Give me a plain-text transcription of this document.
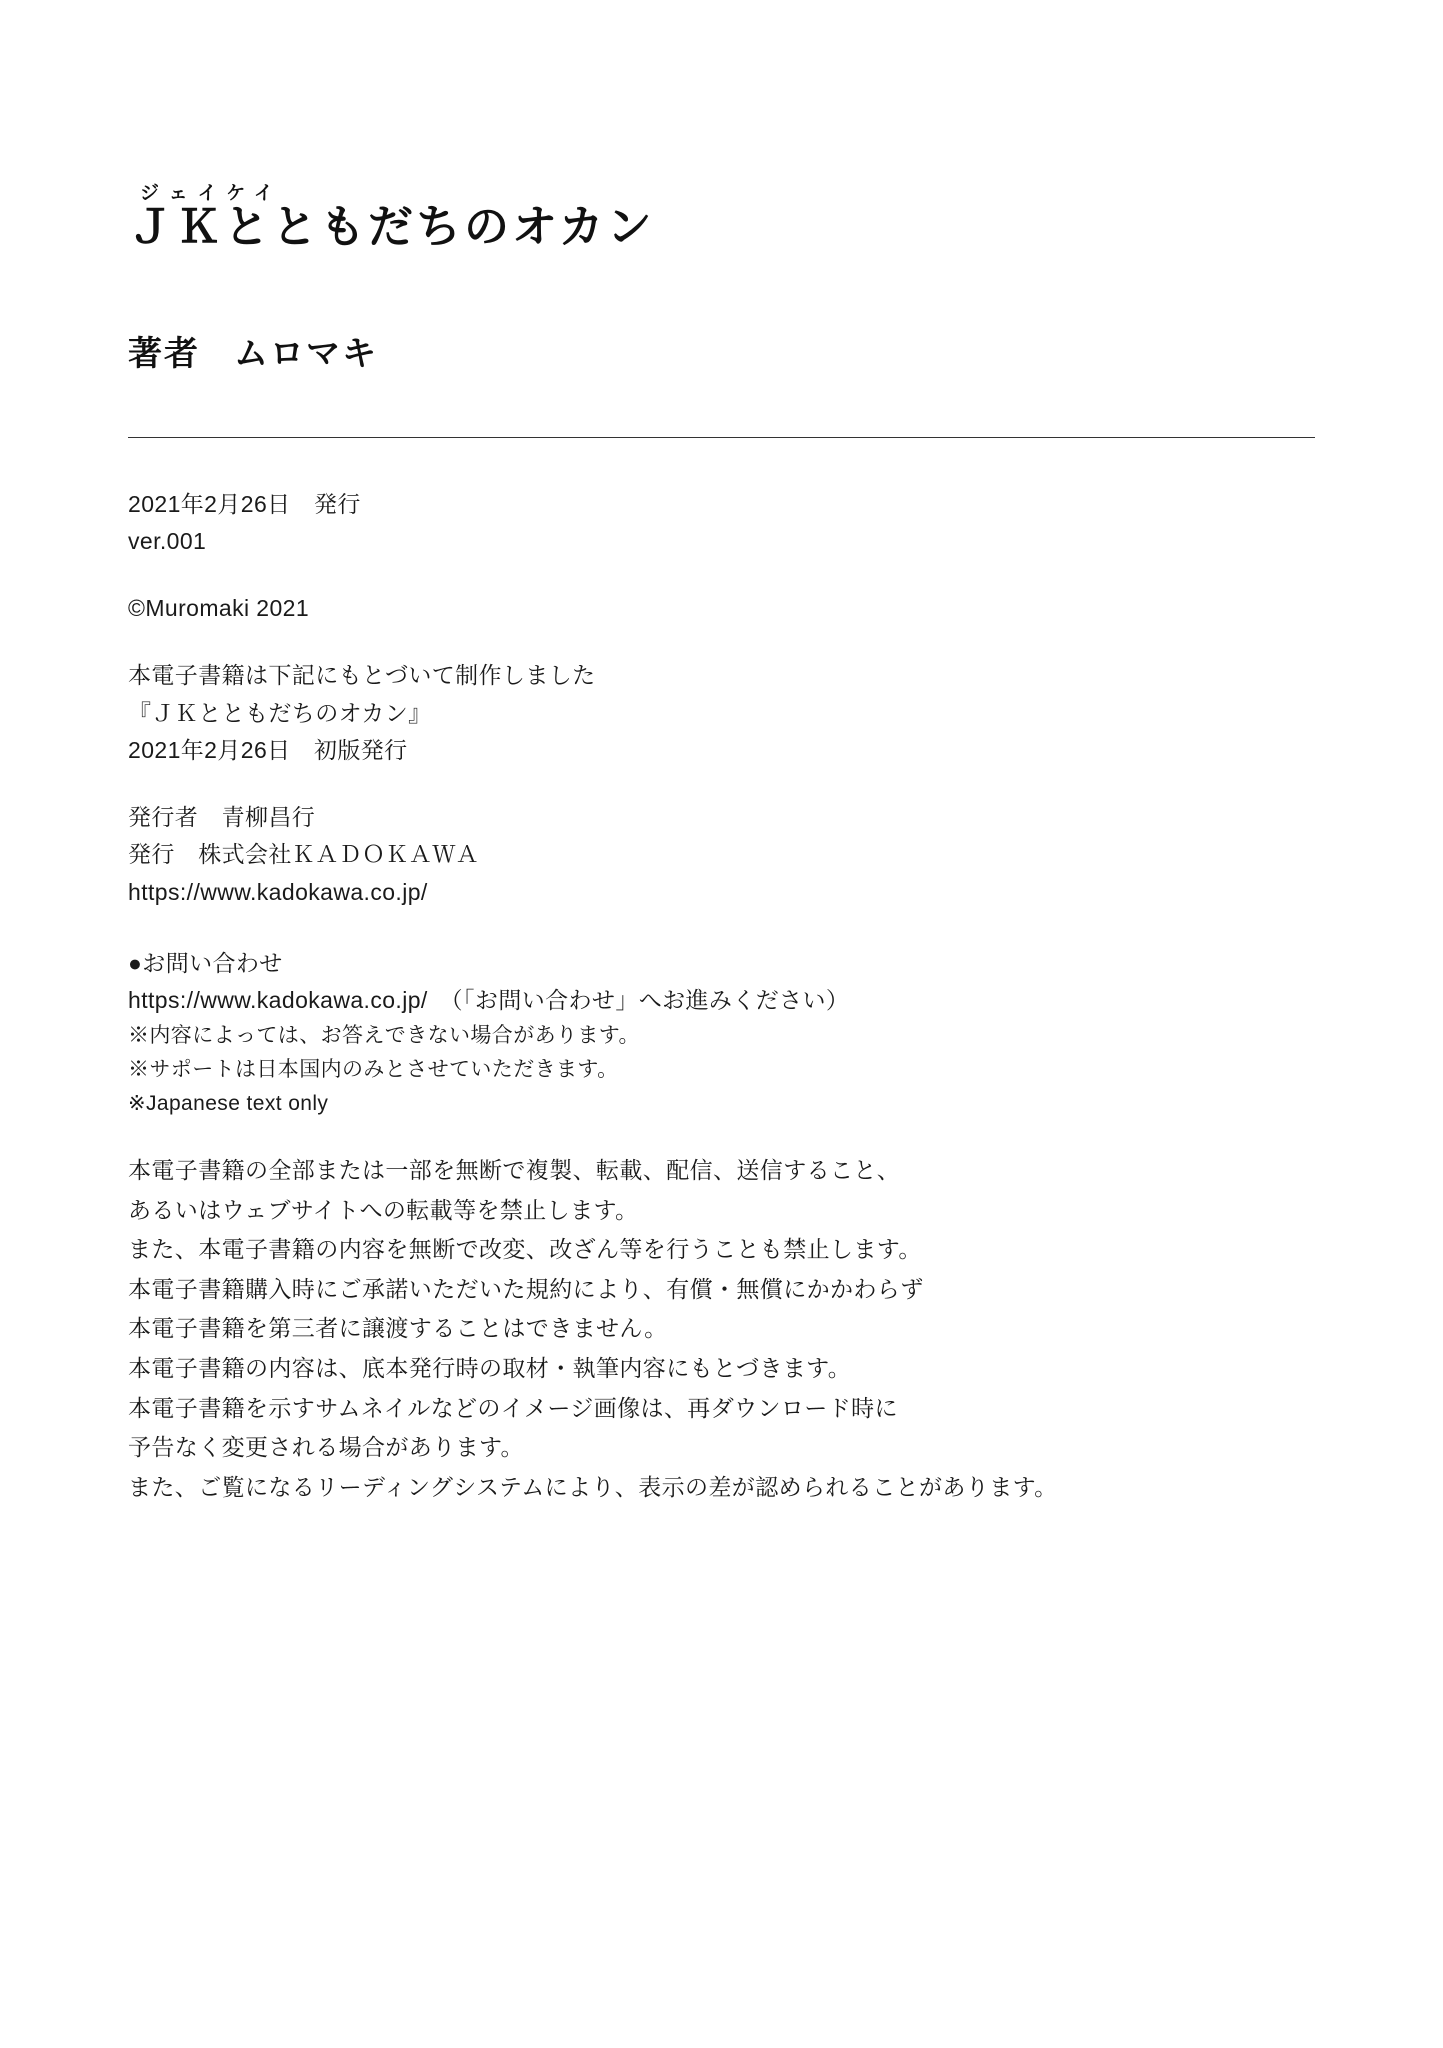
ジェイケイ
ＪＫとともだちのオカン
著者 ムロマキ
2021年2月26日　発行
ver.001
©Muromaki 2021
本電子書籍は下記にもとづいて制作しました
『ＪＫとともだちのオカン』
2021年2月26日　初版発行
発行者　青柳昌行
発行　株式会社ＫＡＤＯＫＡＷＡ
https://www.kadokawa.co.jp/
●お問い合わせ
https://www.kadokawa.co.jp/　（「お問い合わせ」へお進みください）
※内容によっては、お答えできない場合があります。
※サポートは日本国内のみとさせていただきます。
※Japanese text only
本電子書籍の全部または一部を無断で複製、転載、配信、送信すること、
あるいはウェブサイトへの転載等を禁止します。
また、本電子書籍の内容を無断で改変、改ざん等を行うことも禁止します。
本電子書籍購入時にご承諾いただいた規約により、有償・無償にかかわらず
本電子書籍を第三者に譲渡することはできません。
本電子書籍の内容は、底本発行時の取材・執筆内容にもとづきます。
本電子書籍を示すサムネイルなどのイメージ画像は、再ダウンロード時に
予告なく変更される場合があります。
また、ご覧になるリーディングシステムにより、表示の差が認められることがあります。
